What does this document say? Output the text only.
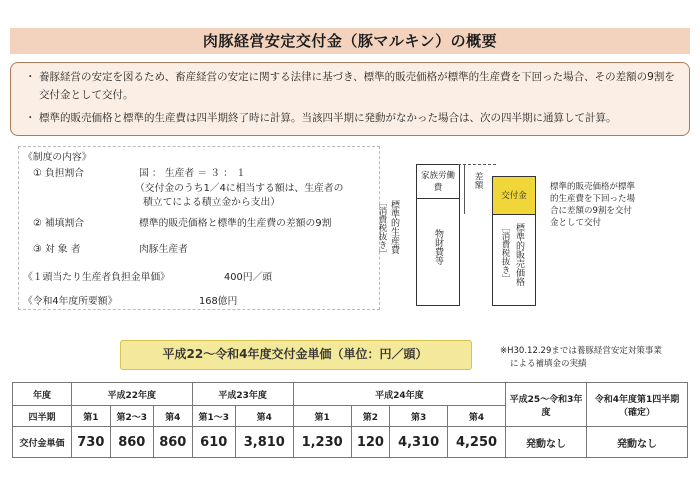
肉豚経営安定交付金（豚マルキン）の概要
・ 養豚経営の安定を図るため、畜産経営の安定に関する法律に基づき、標準的販売価格が標準的生産費を下回った場合、その差額の9割を交付金として交付。
・ 標準的販売価格と標準的生産費は四半期終了時に計算。当該四半期に発動がなかった場合は、次の四半期に通算して計算。
《制度の内容》
① 負担割合	国 ： 生産者 ＝ ３ ： １
（交付金のうち1／4に相当する額は、生産者の
積立てによる積立金から支出）
② 補填割合	標準的販売価格と標準的生産費の差額の9割
③ 対 象 者	肉豚生産者
《１頭当たり生産者負担金単価》	400円／頭
《令和4年度所要額》	168億円
標準的生産費
［消費税抜き］
家族労働費
物財費等
差額
交付金
標準的販売価格
［消費税抜き］
標準的販売価格が標準
的生産費を下回った場
合に差額の9割を交付
金として交付
平成22～令和4年度交付金単価（単位：円／頭）	※H30.12.29までは養豚経営安定対策事業
による補填金の実績
年度	平成22年度			平成23年度		平成24年度				平成25～令和3年度	令和4年度第1四半期（確定）
四半期	第1	第2～3	第4	第1～3	第4	第1	第2	第3	第4		
交付金単価	730	860	860	610	3,810	1,230	120	4,310	4,250	発動なし	発動なし
